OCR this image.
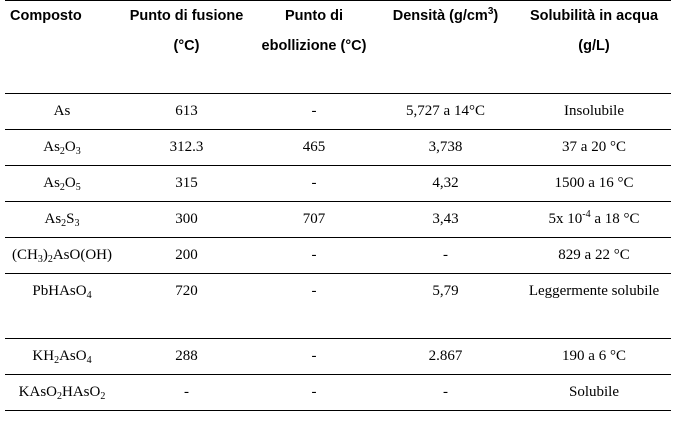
Composto	Punto di fusione (°C)	Punto di ebollizione (°C)	Densità $(g/cm^3)$	Solubilità in acqua (g/L)
As	613	-	5,727 a 14°C	Insolubile
$As_2O_3$	312.3	465	3,738	37 a 20 °C
$As_2O_5$	315	-	4,32	1500 a 16 °C
$As_2S_3$	300	707	3,43	5x $10^{-4}$ a 18 °C
$(CH_3)_2AsO(OH)$	200	-	-	829 a 22 °C
PbHAsO$_4$	720	-	5,79	Leggermente solubile
$KH_2AsO_4$	288	-	2.867	190 a 6 °C
KAsO$_2$HAsO$_2$	-	-	-	Solubile
